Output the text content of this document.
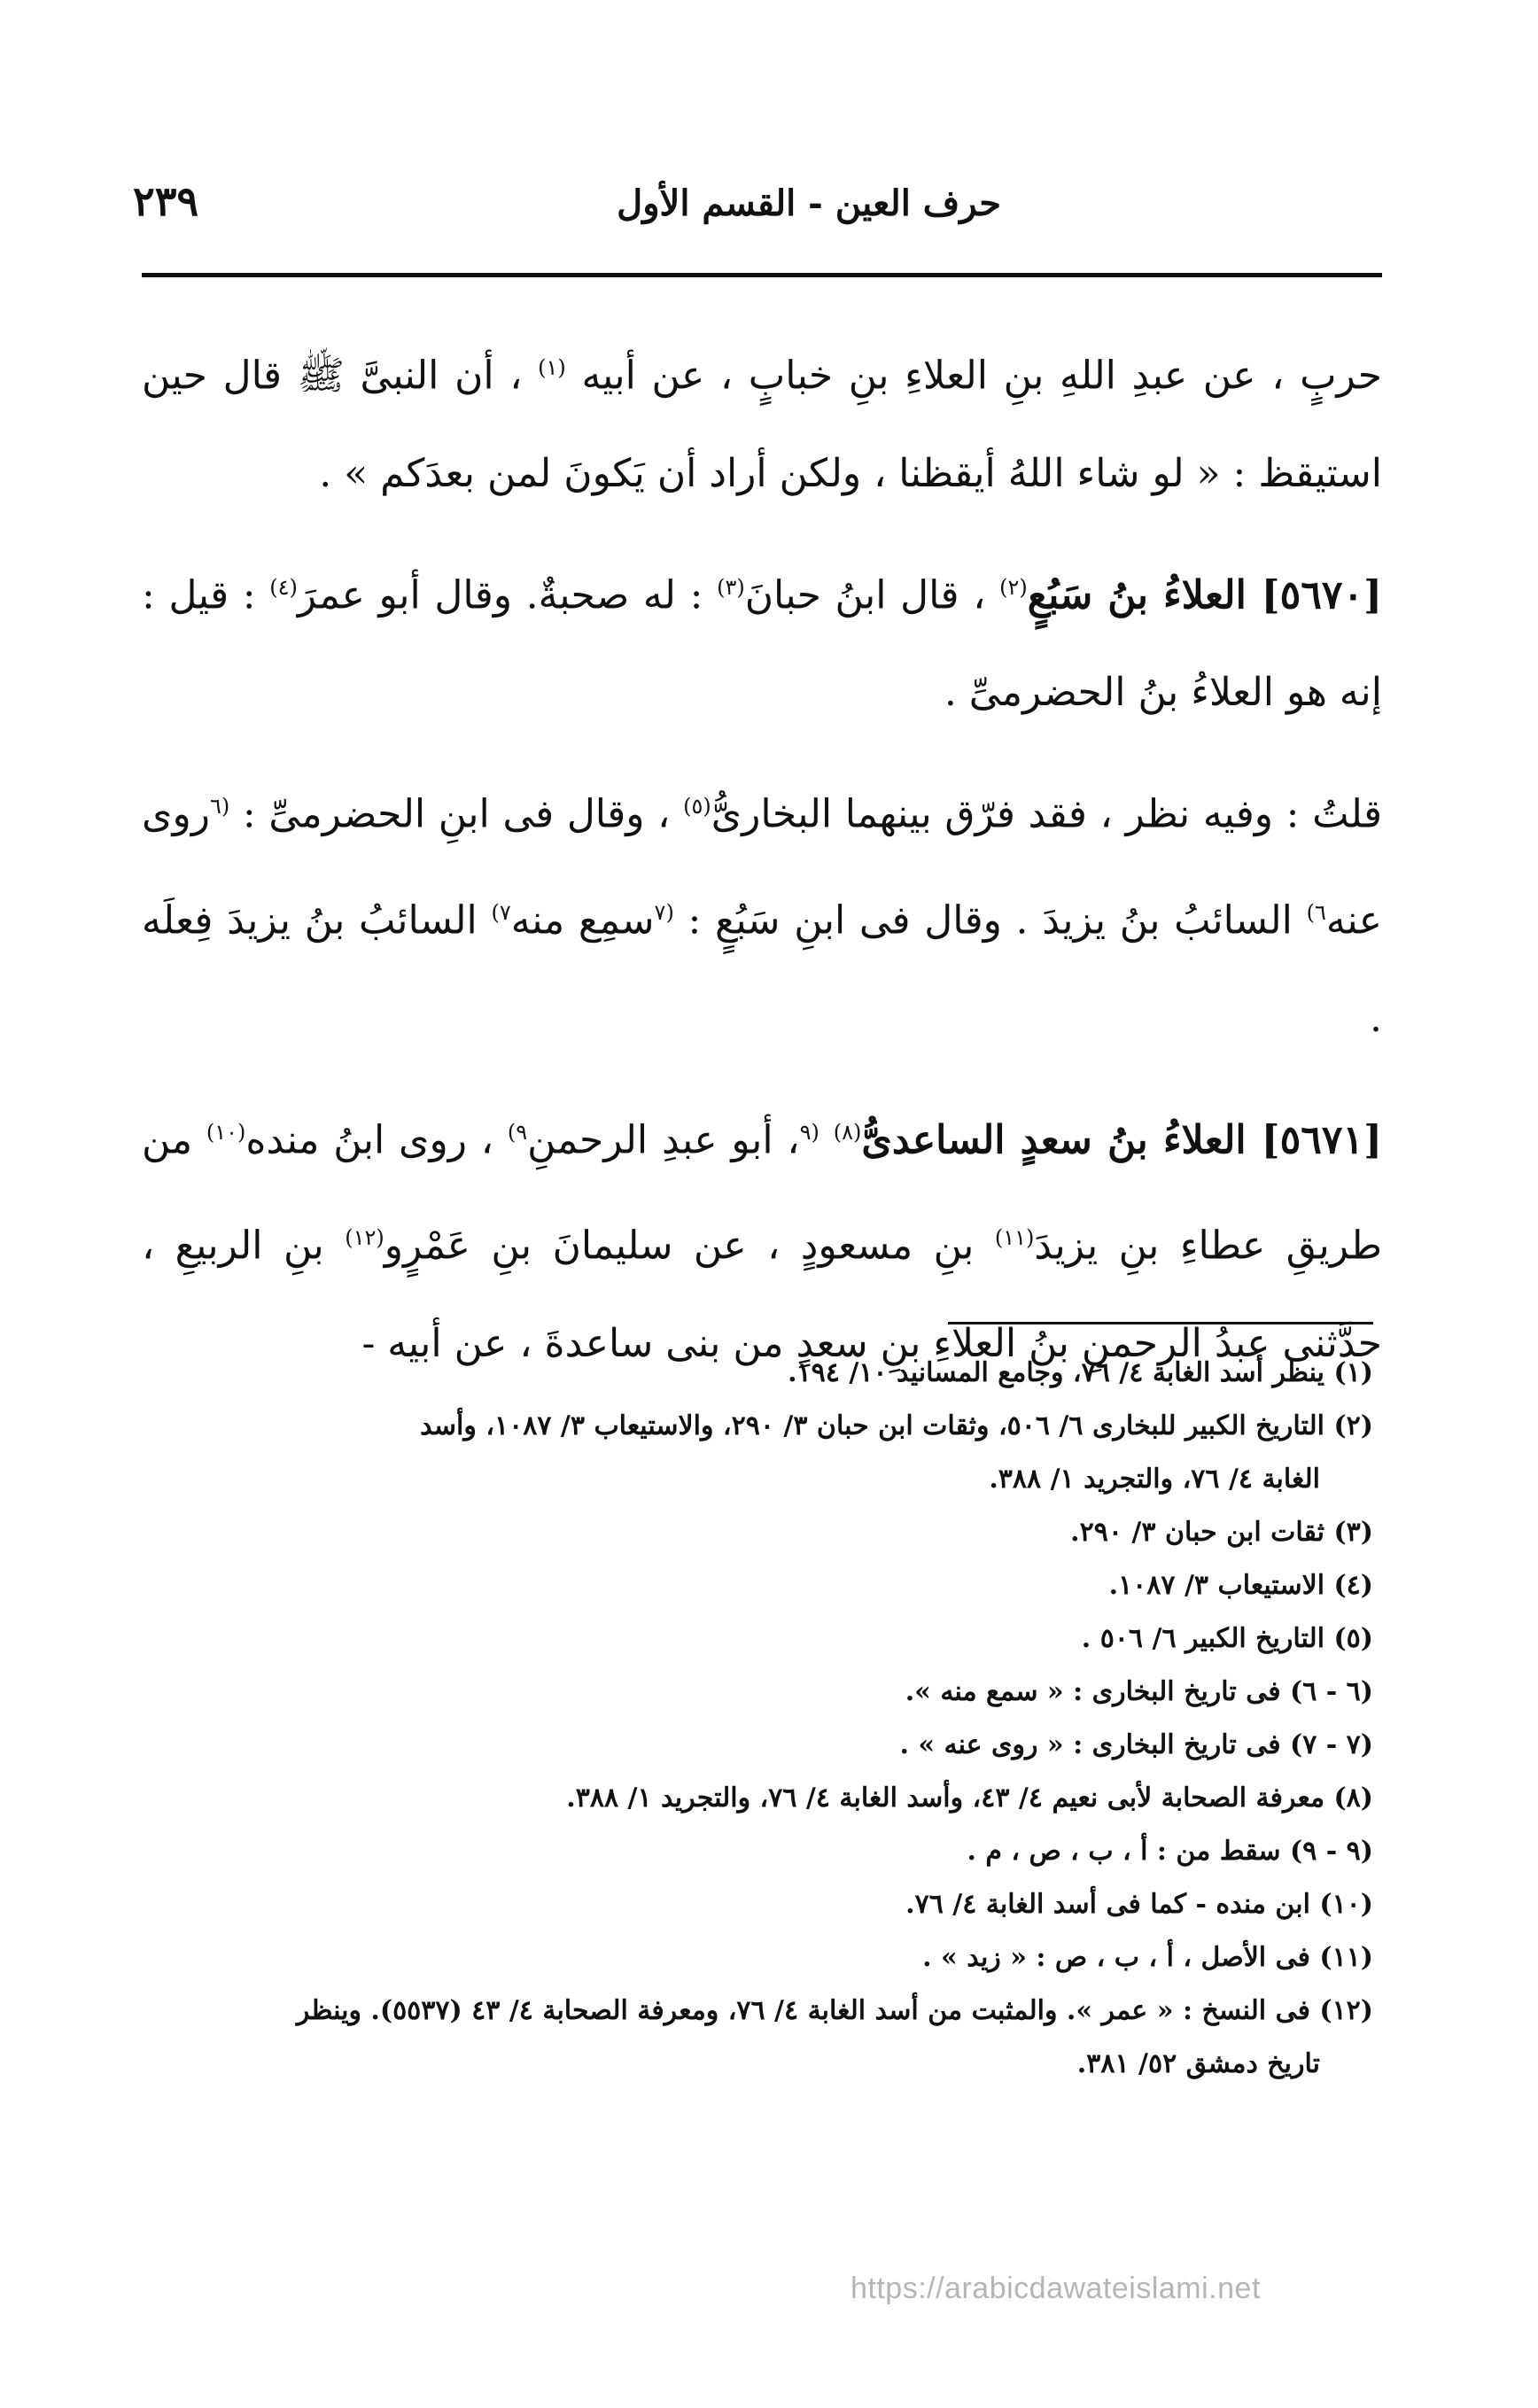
٢٣٩	حرف العين - القسم الأول

حربٍ ، عن عبدِ اللهِ بنِ العلاءِ بنِ خبابٍ ، عن أبيه $^{(١)}$ ، أن النبىَّ ﷺ قال حين استيقظ : « لو شاء اللهُ أيقظنا ، ولكن أراد أن يَكونَ لمن بعدَكم » .

[٥٦٧٠] العلاءُ بنُ سَبُعٍ$^{(٢)}$ ، قال ابنُ حبانَ$^{(٣)}$ : له صحبةٌ. وقال أبو عمرَ$^{(٤)}$ : قيل : إنه هو العلاءُ بنُ الحضرمىِّ .

قلتُ : وفيه نظر ، فقد فرّق بينهما البخارىُّ$^{(٥)}$ ، وقال فى ابنِ الحضرمىِّ : $^{(٦}$روى عنه$^{٦)}$ السائبُ بنُ يزيدَ . وقال فى ابنِ سَبُعٍ : $^{(٧}$سمِع منه$^{٧)}$ السائبُ بنُ يزيدَ فِعلَه .

[٥٦٧١] العلاءُ بنُ سعدٍ الساعدىُّ$^{(٨)}$ $^{(٩}$، أبو عبدِ الرحمنِ$^{٩)}$ ، روى ابنُ منده$^{(١٠)}$ من طريقِ عطاءِ بنِ يزيدَ$^{(١١)}$ بنِ مسعودٍ ، عن سليمانَ بنِ عَمْرٍو$^{(١٢)}$ بنِ الربيعِ ، حدَّثنى عبدُ الرحمنِ بنُ العلاءِ بنِ سعدٍ من بنى ساعدةَ ، عن أبيه -

(١) ينظر أسد الغابة ٤/ ٧٦، وجامع المسانيد ١٠/ ١٩٤.

(٢) التاريخ الكبير للبخارى ٦/ ٥٠٦، وثقات ابن حبان ٣/ ٢٩٠، والاستيعاب ٣/ ١٠٨٧، وأسد

الغابة ٤/ ٧٦، والتجريد ١/ ٣٨٨.

(٣) ثقات ابن حبان ٣/ ٢٩٠.

(٤) الاستيعاب ٣/ ١٠٨٧.

(٥) التاريخ الكبير ٦/ ٥٠٦ .

(٦ - ٦) فى تاريخ البخارى : « سمع منه ».

(٧ - ٧) فى تاريخ البخارى : « روى عنه » .

(٨) معرفة الصحابة لأبى نعيم ٤/ ٤٣، وأسد الغابة ٤/ ٧٦، والتجريد ١/ ٣٨٨.

(٩ - ٩) سقط من : أ ، ب ، ص ، م .

(١٠) ابن منده - كما فى أسد الغابة ٤/ ٧٦.

(١١) فى الأصل ، أ ، ب ، ص : « زيد » .

(١٢) فى النسخ : « عمر ». والمثبت من أسد الغابة ٤/ ٧٦، ومعرفة الصحابة ٤/ ٤٣ (٥٥٣٧). وينظر

تاريخ دمشق ٥٢/ ٣٨١.

https://arabicdawateislami.net
